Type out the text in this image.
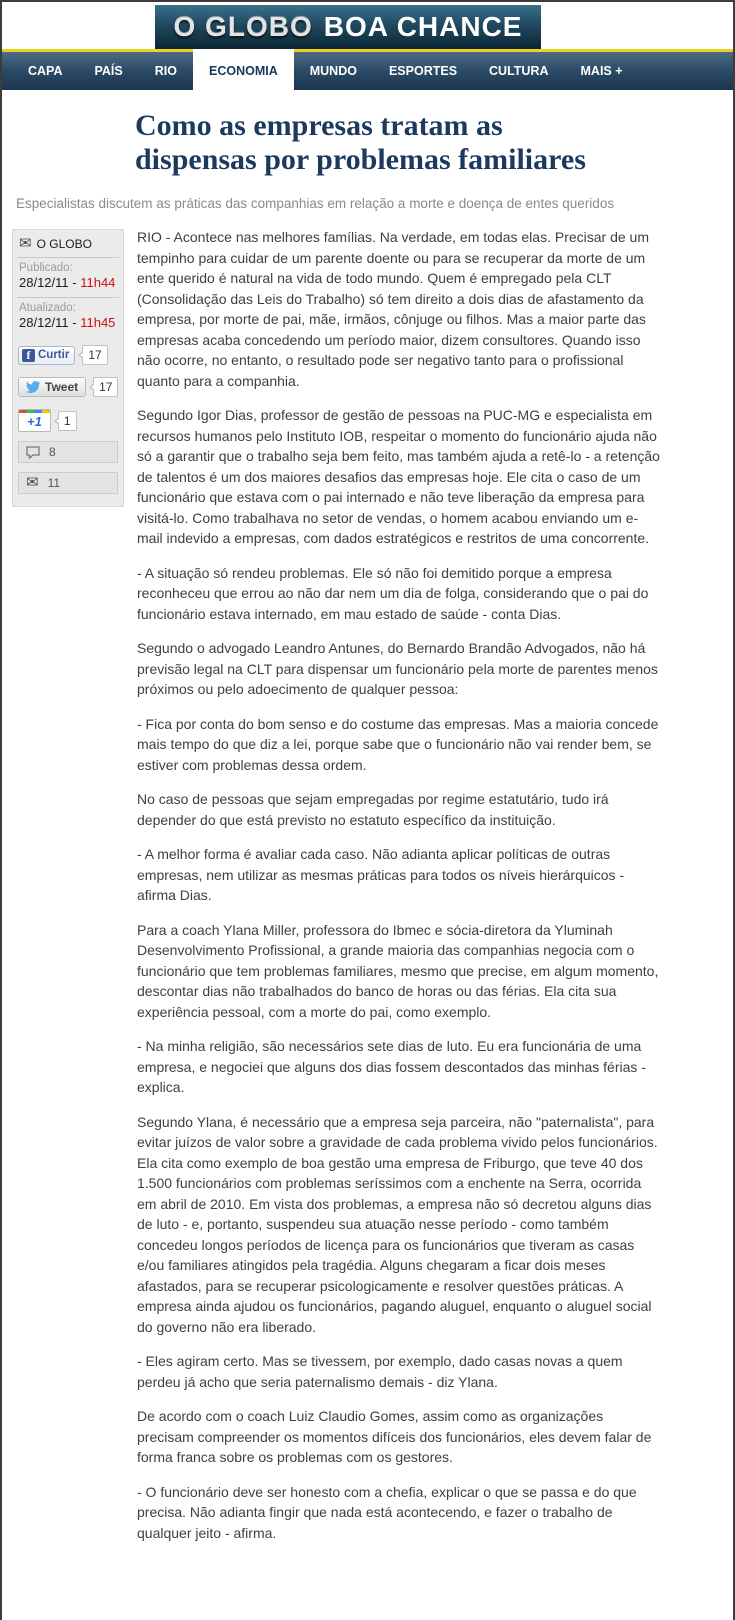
O GLOBO BOA CHANCE
CAPA	PAÍS	RIO	ECONOMIA	MUNDO	ESPORTES	CULTURA	MAIS +
Como as empresas tratam as
dispensas por problemas familiares

Especialistas discutem as práticas das companhias em relação a morte e doença de entes queridos

✉ O GLOBO
Publicado:
28/12/11 - 11h44
Atualizado:
28/12/11 - 11h45
f Curtir	17
Tweet	17
+1	1
8
✉ 11

RIO - Acontece nas melhores famílias. Na verdade, em todas elas. Precisar de um tempinho para cuidar de um parente doente ou para se recuperar da morte de um ente querido é natural na vida de todo mundo. Quem é empregado pela CLT (Consolidação das Leis do Trabalho) só tem direito a dois dias de afastamento da empresa, por morte de pai, mãe, irmãos, cônjuge ou filhos. Mas a maior parte das empresas acaba concedendo um período maior, dizem consultores. Quando isso não ocorre, no entanto, o resultado pode ser negativo tanto para o profissional quanto para a companhia.

Segundo Igor Dias, professor de gestão de pessoas na PUC-MG e especialista em recursos humanos pelo Instituto IOB, respeitar o momento do funcionário ajuda não só a garantir que o trabalho seja bem feito, mas também ajuda a retê-lo - a retenção de talentos é um dos maiores desafios das empresas hoje. Ele cita o caso de um funcionário que estava com o pai internado e não teve liberação da empresa para visitá-lo. Como trabalhava no setor de vendas, o homem acabou enviando um e-mail indevido a empresas, com dados estratégicos e restritos de uma concorrente.

- A situação só rendeu problemas. Ele só não foi demitido porque a empresa reconheceu que errou ao não dar nem um dia de folga, considerando que o pai do funcionário estava internado, em mau estado de saúde - conta Dias.

Segundo o advogado Leandro Antunes, do Bernardo Brandão Advogados, não há previsão legal na CLT para dispensar um funcionário pela morte de parentes menos próximos ou pelo adoecimento de qualquer pessoa:

- Fica por conta do bom senso e do costume das empresas. Mas a maioria concede mais tempo do que diz a lei, porque sabe que o funcionário não vai render bem, se estiver com problemas dessa ordem.

No caso de pessoas que sejam empregadas por regime estatutário, tudo irá depender do que está previsto no estatuto específico da instituição.

- A melhor forma é avaliar cada caso. Não adianta aplicar políticas de outras empresas, nem utilizar as mesmas práticas para todos os níveis hierárquicos - afirma Dias.

Para a coach Ylana Miller, professora do Ibmec e sócia-diretora da Yluminah Desenvolvimento Profissional, a grande maioria das companhias negocia com o funcionário que tem problemas familiares, mesmo que precise, em algum momento, descontar dias não trabalhados do banco de horas ou das férias. Ela cita sua experiência pessoal, com a morte do pai, como exemplo.

- Na minha religião, são necessários sete dias de luto. Eu era funcionária de uma empresa, e negociei que alguns dos dias fossem descontados das minhas férias - explica.

Segundo Ylana, é necessário que a empresa seja parceira, não "paternalista", para evitar juízos de valor sobre a gravidade de cada problema vivido pelos funcionários. Ela cita como exemplo de boa gestão uma empresa de Friburgo, que teve 40 dos 1.500 funcionários com problemas seríssimos com a enchente na Serra, ocorrida em abril de 2010. Em vista dos problemas, a empresa não só decretou alguns dias de luto - e, portanto, suspendeu sua atuação nesse período - como também concedeu longos períodos de licença para os funcionários que tiveram as casas e/ou familiares atingidos pela tragédia. Alguns chegaram a ficar dois meses afastados, para se recuperar psicologicamente e resolver questões práticas. A empresa ainda ajudou os funcionários, pagando aluguel, enquanto o aluguel social do governo não era liberado.

- Eles agiram certo. Mas se tivessem, por exemplo, dado casas novas a quem perdeu já acho que seria paternalismo demais - diz Ylana.

De acordo com o coach Luiz Claudio Gomes, assim como as organizações precisam compreender os momentos difíceis dos funcionários, eles devem falar de forma franca sobre os problemas com os gestores.

- O funcionário deve ser honesto com a chefia, explicar o que se passa e do que precisa. Não adianta fingir que nada está acontecendo, e fazer o trabalho de qualquer jeito - afirma.
